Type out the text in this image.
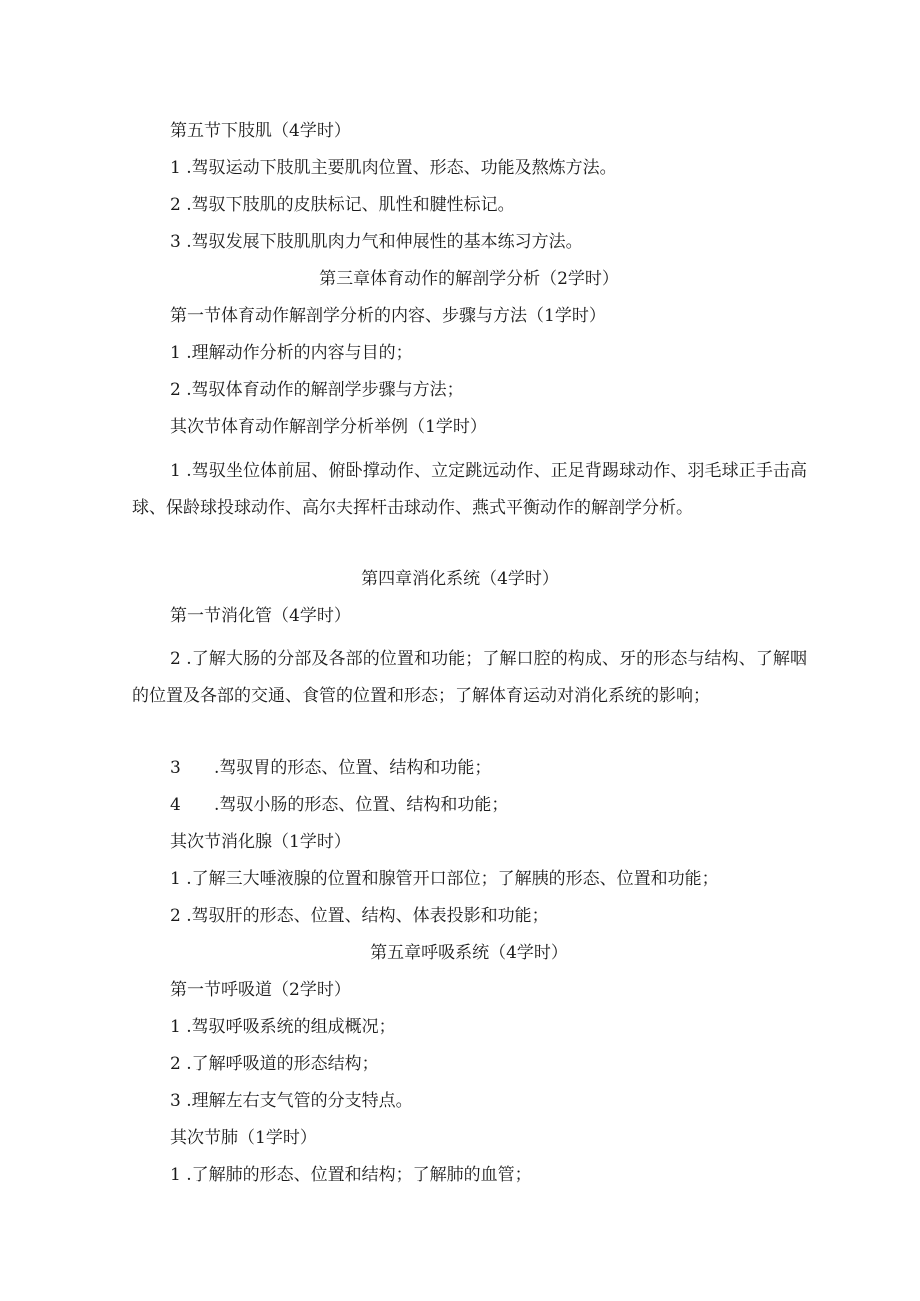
第五节下肢肌（4学时）
1 .驾驭运动下肢肌主要肌肉位置、形态、功能及熬炼方法。
2 .驾驭下肢肌的皮肤标记、肌性和腱性标记。
3 .驾驭发展下肢肌肌肉力气和伸展性的基本练习方法。
第三章体育动作的解剖学分析（2学时）
第一节体育动作解剖学分析的内容、步骤与方法（1学时）
1 .理解动作分析的内容与目的；
2 .驾驭体育动作的解剖学步骤与方法；
其次节体育动作解剖学分析举例（1学时）
1 .驾驭坐位体前屈、俯卧撑动作、立定跳远动作、正足背踢球动作、羽毛球正手击高球、保龄球投球动作、高尔夫挥杆击球动作、燕式平衡动作的解剖学分析。
第四章消化系统（4学时）
第一节消化管（4学时）
2 .了解大肠的分部及各部的位置和功能；了解口腔的构成、牙的形态与结构、了解咽的位置及各部的交通、食管的位置和形态；了解体育运动对消化系统的影响；
3 .驾驭胃的形态、位置、结构和功能；
4 .驾驭小肠的形态、位置、结构和功能；
其次节消化腺（1学时）
1 .了解三大唾液腺的位置和腺管开口部位；了解胰的形态、位置和功能；
2 .驾驭肝的形态、位置、结构、体表投影和功能；
第五章呼吸系统（4学时）
第一节呼吸道（2学时）
1 .驾驭呼吸系统的组成概况；
2 .了解呼吸道的形态结构；
3 .理解左右支气管的分支特点。
其次节肺（1学时）
1 .了解肺的形态、位置和结构；了解肺的血管；
